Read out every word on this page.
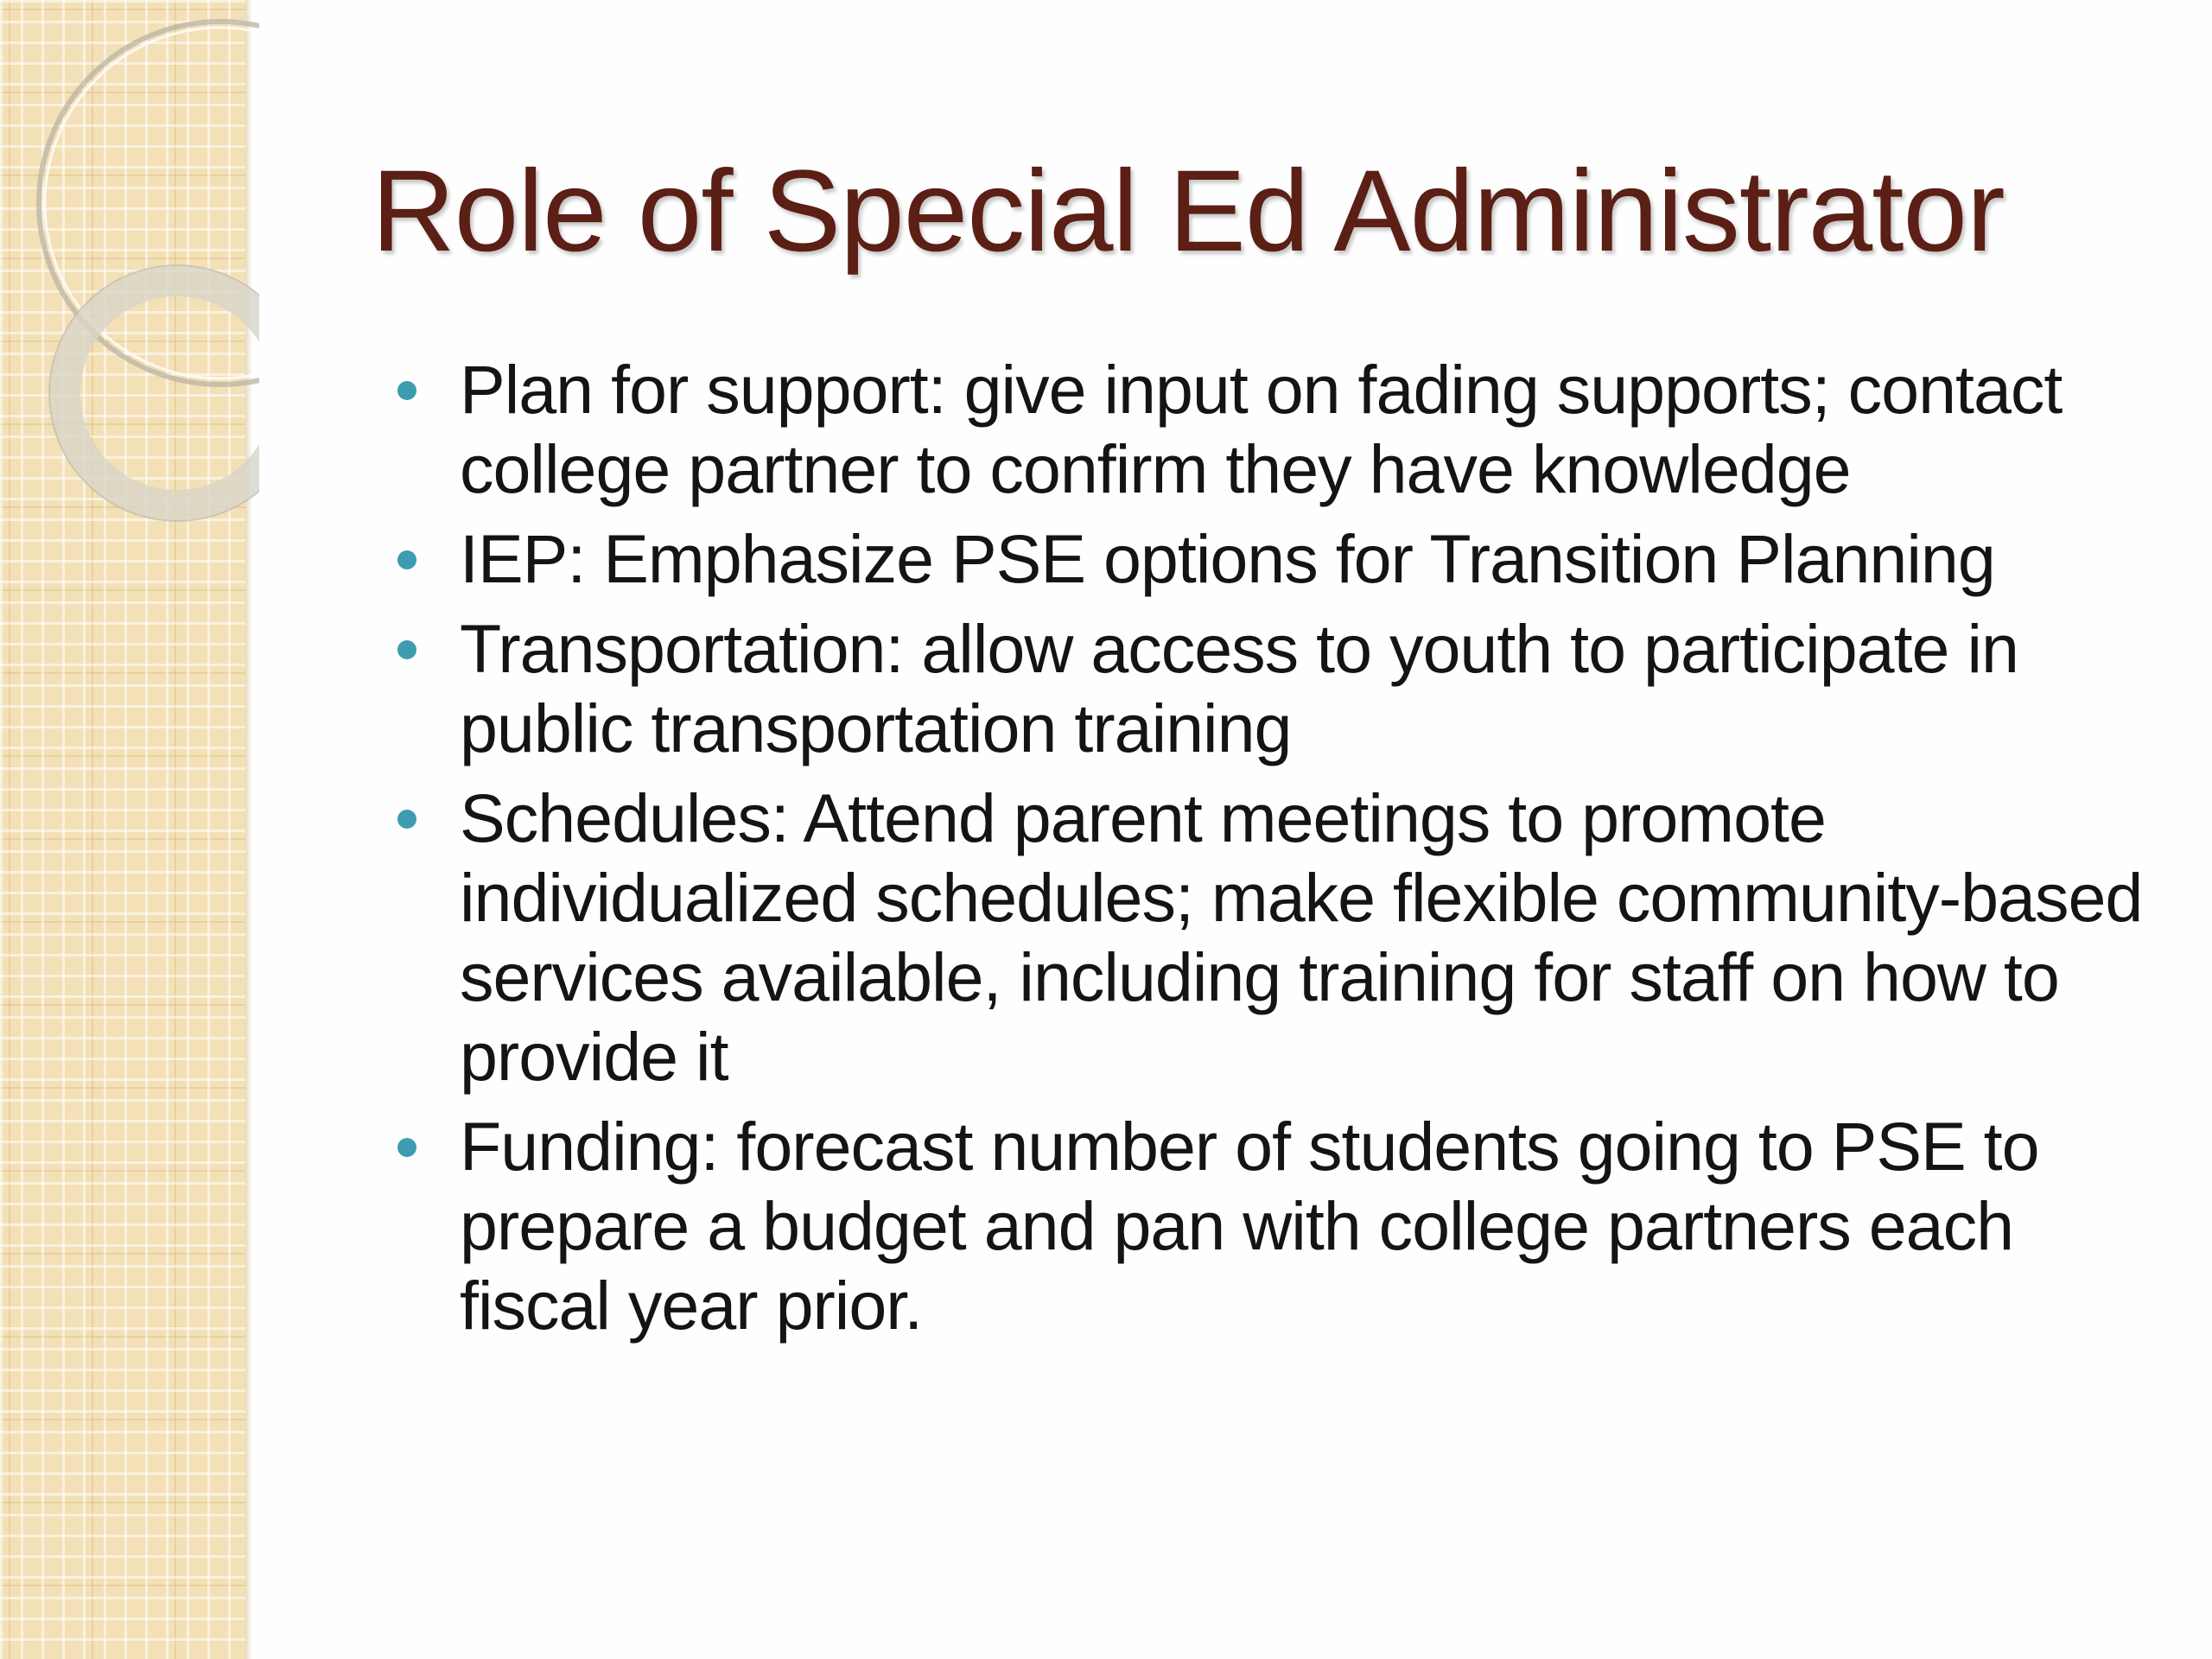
Role of Special Ed Administrator
Plan for support: give input on fading supports; contact college partner to confirm they have knowledge
IEP: Emphasize PSE options for Transition Planning
Transportation: allow access to youth to participate in public transportation training
Schedules: Attend parent meetings to promote individualized schedules; make flexible community-based services available, including training for staff on how to provide it
Funding: forecast number of students going to PSE to prepare a budget and pan with college partners each fiscal year prior.
